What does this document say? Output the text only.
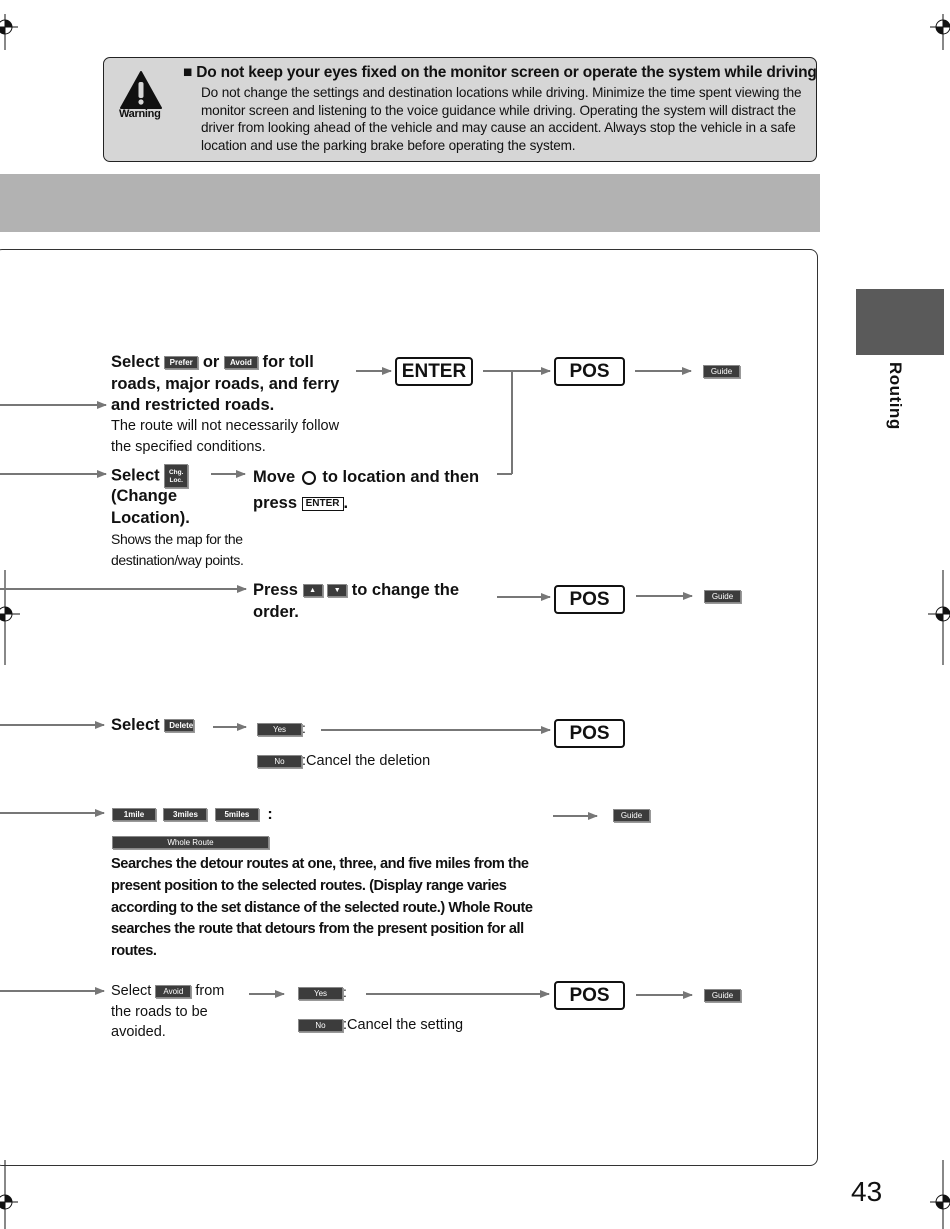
Warning
■ Do not keep your eyes fixed on the monitor screen or operate the system while driving
Do not change the settings and destination locations while driving. Minimize the time spent viewing the monitor screen and listening to the voice guidance while driving. Operating the system will distract the driver from looking ahead of the vehicle and may cause an accident. Always stop the vehicle in a safe location and use the parking brake before operating the system.
Routing
43
Select Prefer or Avoid for toll roads, major roads, and ferry and restricted roads.
The route will not necessarily follow the specified conditions.
ENTER	POS	Guide
Select Chg. Loc.
(Change Location).
Shows the map for the destination/way points.
Move to location and then
press ENTER .
Press ▲	▼ to change the order.
POS	Guide
Select Delete	Yes :	POS
No :Cancel the deletion
1mile	3miles	5miles :
Whole Route
Guide
Searches the detour routes at one, three, and five miles from the present position to the selected routes. (Display range varies according to the set distance of the selected route.) Whole Route searches the route that detours from the present position for all routes.
Select Avoid from the roads to be avoided.
Yes :	POS	Guide
No :Cancel the setting
